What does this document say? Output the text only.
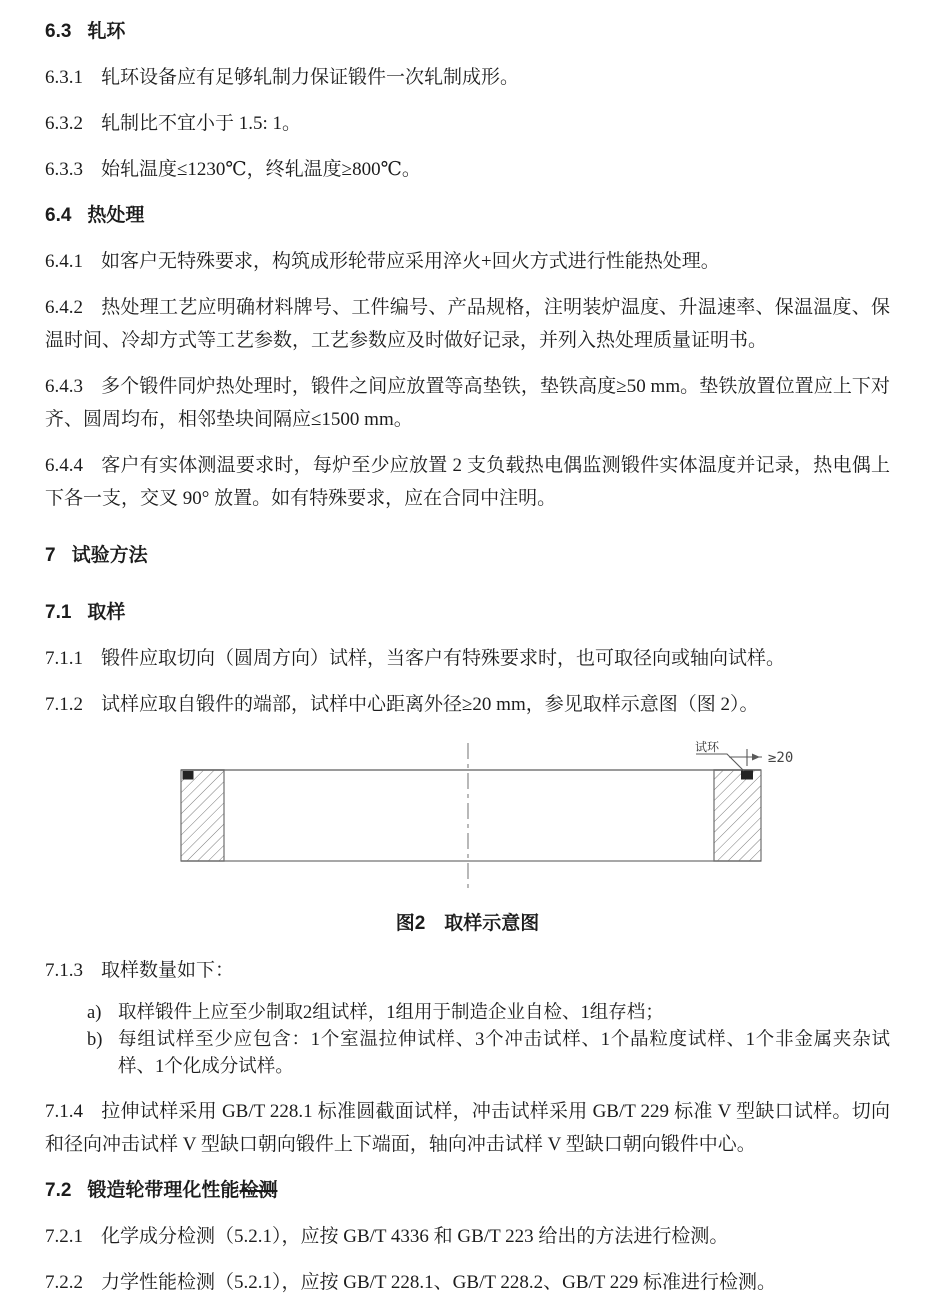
6.3 轧环
6.3.1 轧环设备应有足够轧制力保证锻件一次轧制成形。
6.3.2 轧制比不宜小于 1.5: 1。
6.3.3 始轧温度≤1230℃，终轧温度≥800℃。
6.4 热处理
6.4.1 如客户无特殊要求，构筑成形轮带应采用淬火+回火方式进行性能热处理。
6.4.2 热处理工艺应明确材料牌号、工件编号、产品规格，注明装炉温度、升温速率、保温温度、保温时间、冷却方式等工艺参数，工艺参数应及时做好记录，并列入热处理质量证明书。
6.4.3 多个锻件同炉热处理时，锻件之间应放置等高垫铁，垫铁高度≥50 mm。垫铁放置位置应上下对齐、圆周均布，相邻垫块间隔应≤1500 mm。
6.4.4 客户有实体测温要求时，每炉至少应放置 2 支负载热电偶监测锻件实体温度并记录，热电偶上下各一支，交叉 90° 放置。如有特殊要求，应在合同中注明。
7 试验方法
7.1 取样
7.1.1 锻件应取切向（圆周方向）试样，当客户有特殊要求时，也可取径向或轴向试样。
7.1.2 试样应取自锻件的端部，试样中心距离外径≥20 mm，参见取样示意图（图 2）。
试环
≥20
图2　取样示意图
7.1.3 取样数量如下：
a) 取样锻件上应至少制取2组试样，1组用于制造企业自检、1组存档；
b) 每组试样至少应包含：1个室温拉伸试样、3个冲击试样、1个晶粒度试样、1个非金属夹杂试样、1个化成分试样。
7.1.4 拉伸试样采用 GB/T 228.1 标准圆截面试样，冲击试样采用 GB/T 229 标准 V 型缺口试样。切向和径向冲击试样 V 型缺口朝向锻件上下端面，轴向冲击试样 V 型缺口朝向锻件中心。
7.2 锻造轮带理化性能检测
7.2.1 化学成分检测（5.2.1），应按 GB/T 4336 和 GB/T 223 给出的方法进行检测。
7.2.2 力学性能检测（5.2.1），应按 GB/T 228.1、GB/T 228.2、GB/T 229 标准进行检测。
